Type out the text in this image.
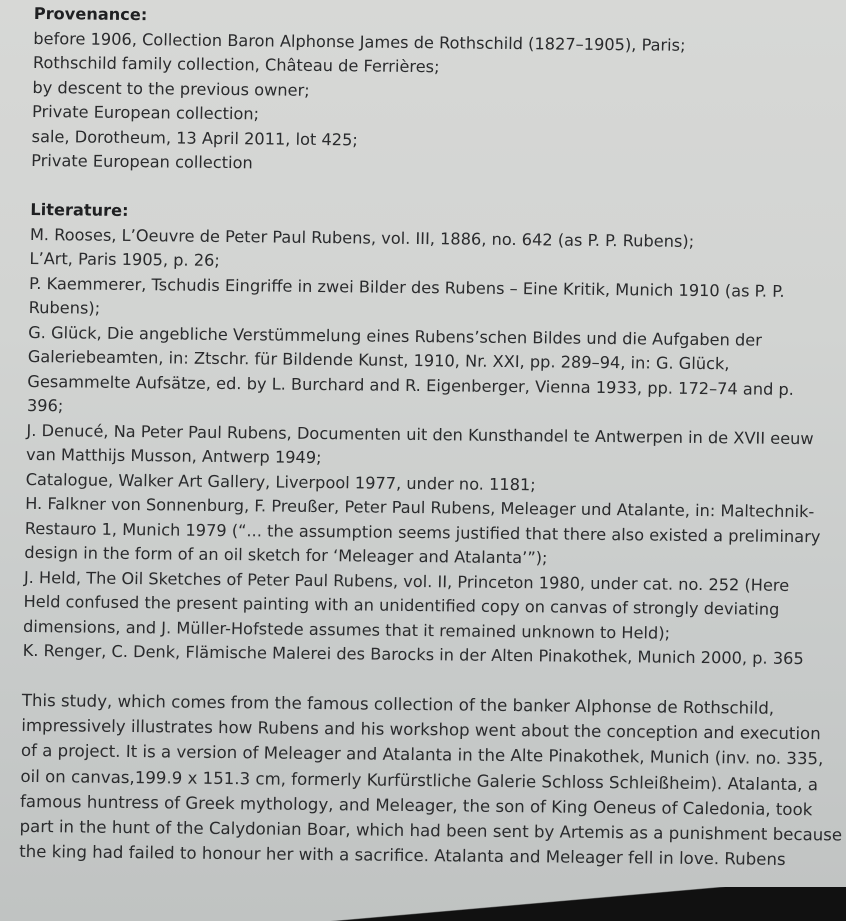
Provenance:
before 1906, Collection Baron Alphonse James de Rothschild (1827–1905), Paris;
Rothschild family collection, Château de Ferrières;
by descent to the previous owner;
Private European collection;
sale, Dorotheum, 13 April 2011, lot 425;
Private European collection
Literature:
M. Rooses, L’Oeuvre de Peter Paul Rubens, vol. III, 1886, no. 642 (as P. P. Rubens);
L’Art, Paris 1905, p. 26;
P. Kaemmerer, Tschudis Eingriffe in zwei Bilder des Rubens – Eine Kritik, Munich 1910 (as P. P.
Rubens);
G. Glück, Die angebliche Verstümmelung eines Rubens’schen Bildes und die Aufgaben der
Galeriebeamten, in: Ztschr. für Bildende Kunst, 1910, Nr. XXI, pp. 289–94, in: G. Glück,
Gesammelte Aufsätze, ed. by L. Burchard and R. Eigenberger, Vienna 1933, pp. 172–74 and p.
396;
J. Denucé, Na Peter Paul Rubens, Documenten uit den Kunsthandel te Antwerpen in de XVII eeuw
van Matthijs Musson, Antwerp 1949;
Catalogue, Walker Art Gallery, Liverpool 1977, under no. 1181;
H. Falkner von Sonnenburg, F. Preußer, Peter Paul Rubens, Meleager und Atalante, in: Maltechnik-
Restauro 1, Munich 1979 (“... the assumption seems justified that there also existed a preliminary
design in the form of an oil sketch for ‘Meleager and Atalanta’”);
J. Held, The Oil Sketches of Peter Paul Rubens, vol. II, Princeton 1980, under cat. no. 252 (Here
Held confused the present painting with an unidentified copy on canvas of strongly deviating
dimensions, and J. Müller-Hofstede assumes that it remained unknown to Held);
K. Renger, C. Denk, Flämische Malerei des Barocks in der Alten Pinakothek, Munich 2000, p. 365
This study, which comes from the famous collection of the banker Alphonse de Rothschild,
impressively illustrates how Rubens and his workshop went about the conception and execution
of a project. It is a version of Meleager and Atalanta in the Alte Pinakothek, Munich (inv. no. 335,
oil on canvas,199.9 x 151.3 cm, formerly Kurfürstliche Galerie Schloss Schleißheim). Atalanta, a
famous huntress of Greek mythology, and Meleager, the son of King Oeneus of Caledonia, took
part in the hunt of the Calydonian Boar, which had been sent by Artemis as a punishment because
the king had failed to honour her with a sacrifice. Atalanta and Meleager fell in love. Rubens
